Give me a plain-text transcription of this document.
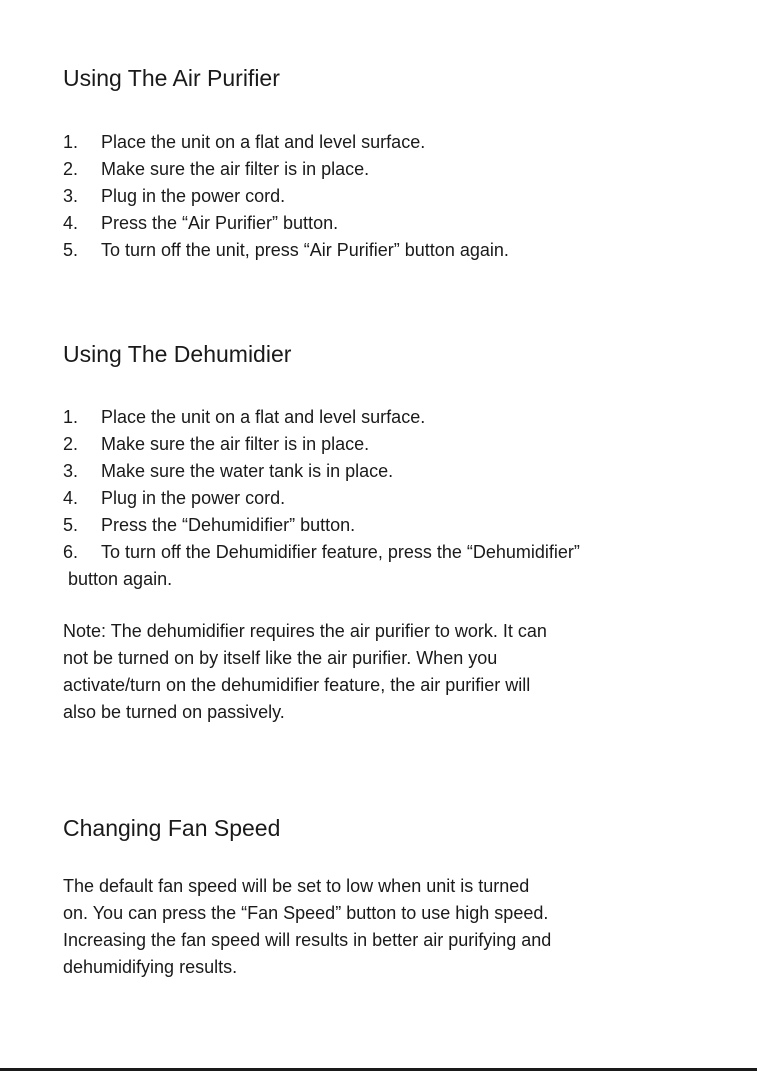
Using The Air Purifier
1. Place the unit on a flat and level surface.
2. Make sure the air filter is in place.
3. Plug in the power cord.
4. Press the “Air Purifier” button.
5. To turn off the unit, press “Air Purifier” button again.
Using The Dehumidier
1. Place the unit on a flat and level surface.
2. Make sure the air filter is in place.
3. Make sure the water tank is in place.
4. Plug in the power cord.
5. Press the “Dehumidifier” button.
6. To turn off the Dehumidifier feature, press the “Dehumidifier”
button again.
Note: The dehumidifier requires the air purifier to work. It can
not be turned on by itself like the air purifier. When you
activate/turn on the dehumidifier feature, the air purifier will
also be turned on passively.
Changing Fan Speed
The default fan speed will be set to low when unit is turned
on. You can press the “Fan Speed” button to use high speed.
Increasing the fan speed will results in better air purifying and
dehumidifying results.
